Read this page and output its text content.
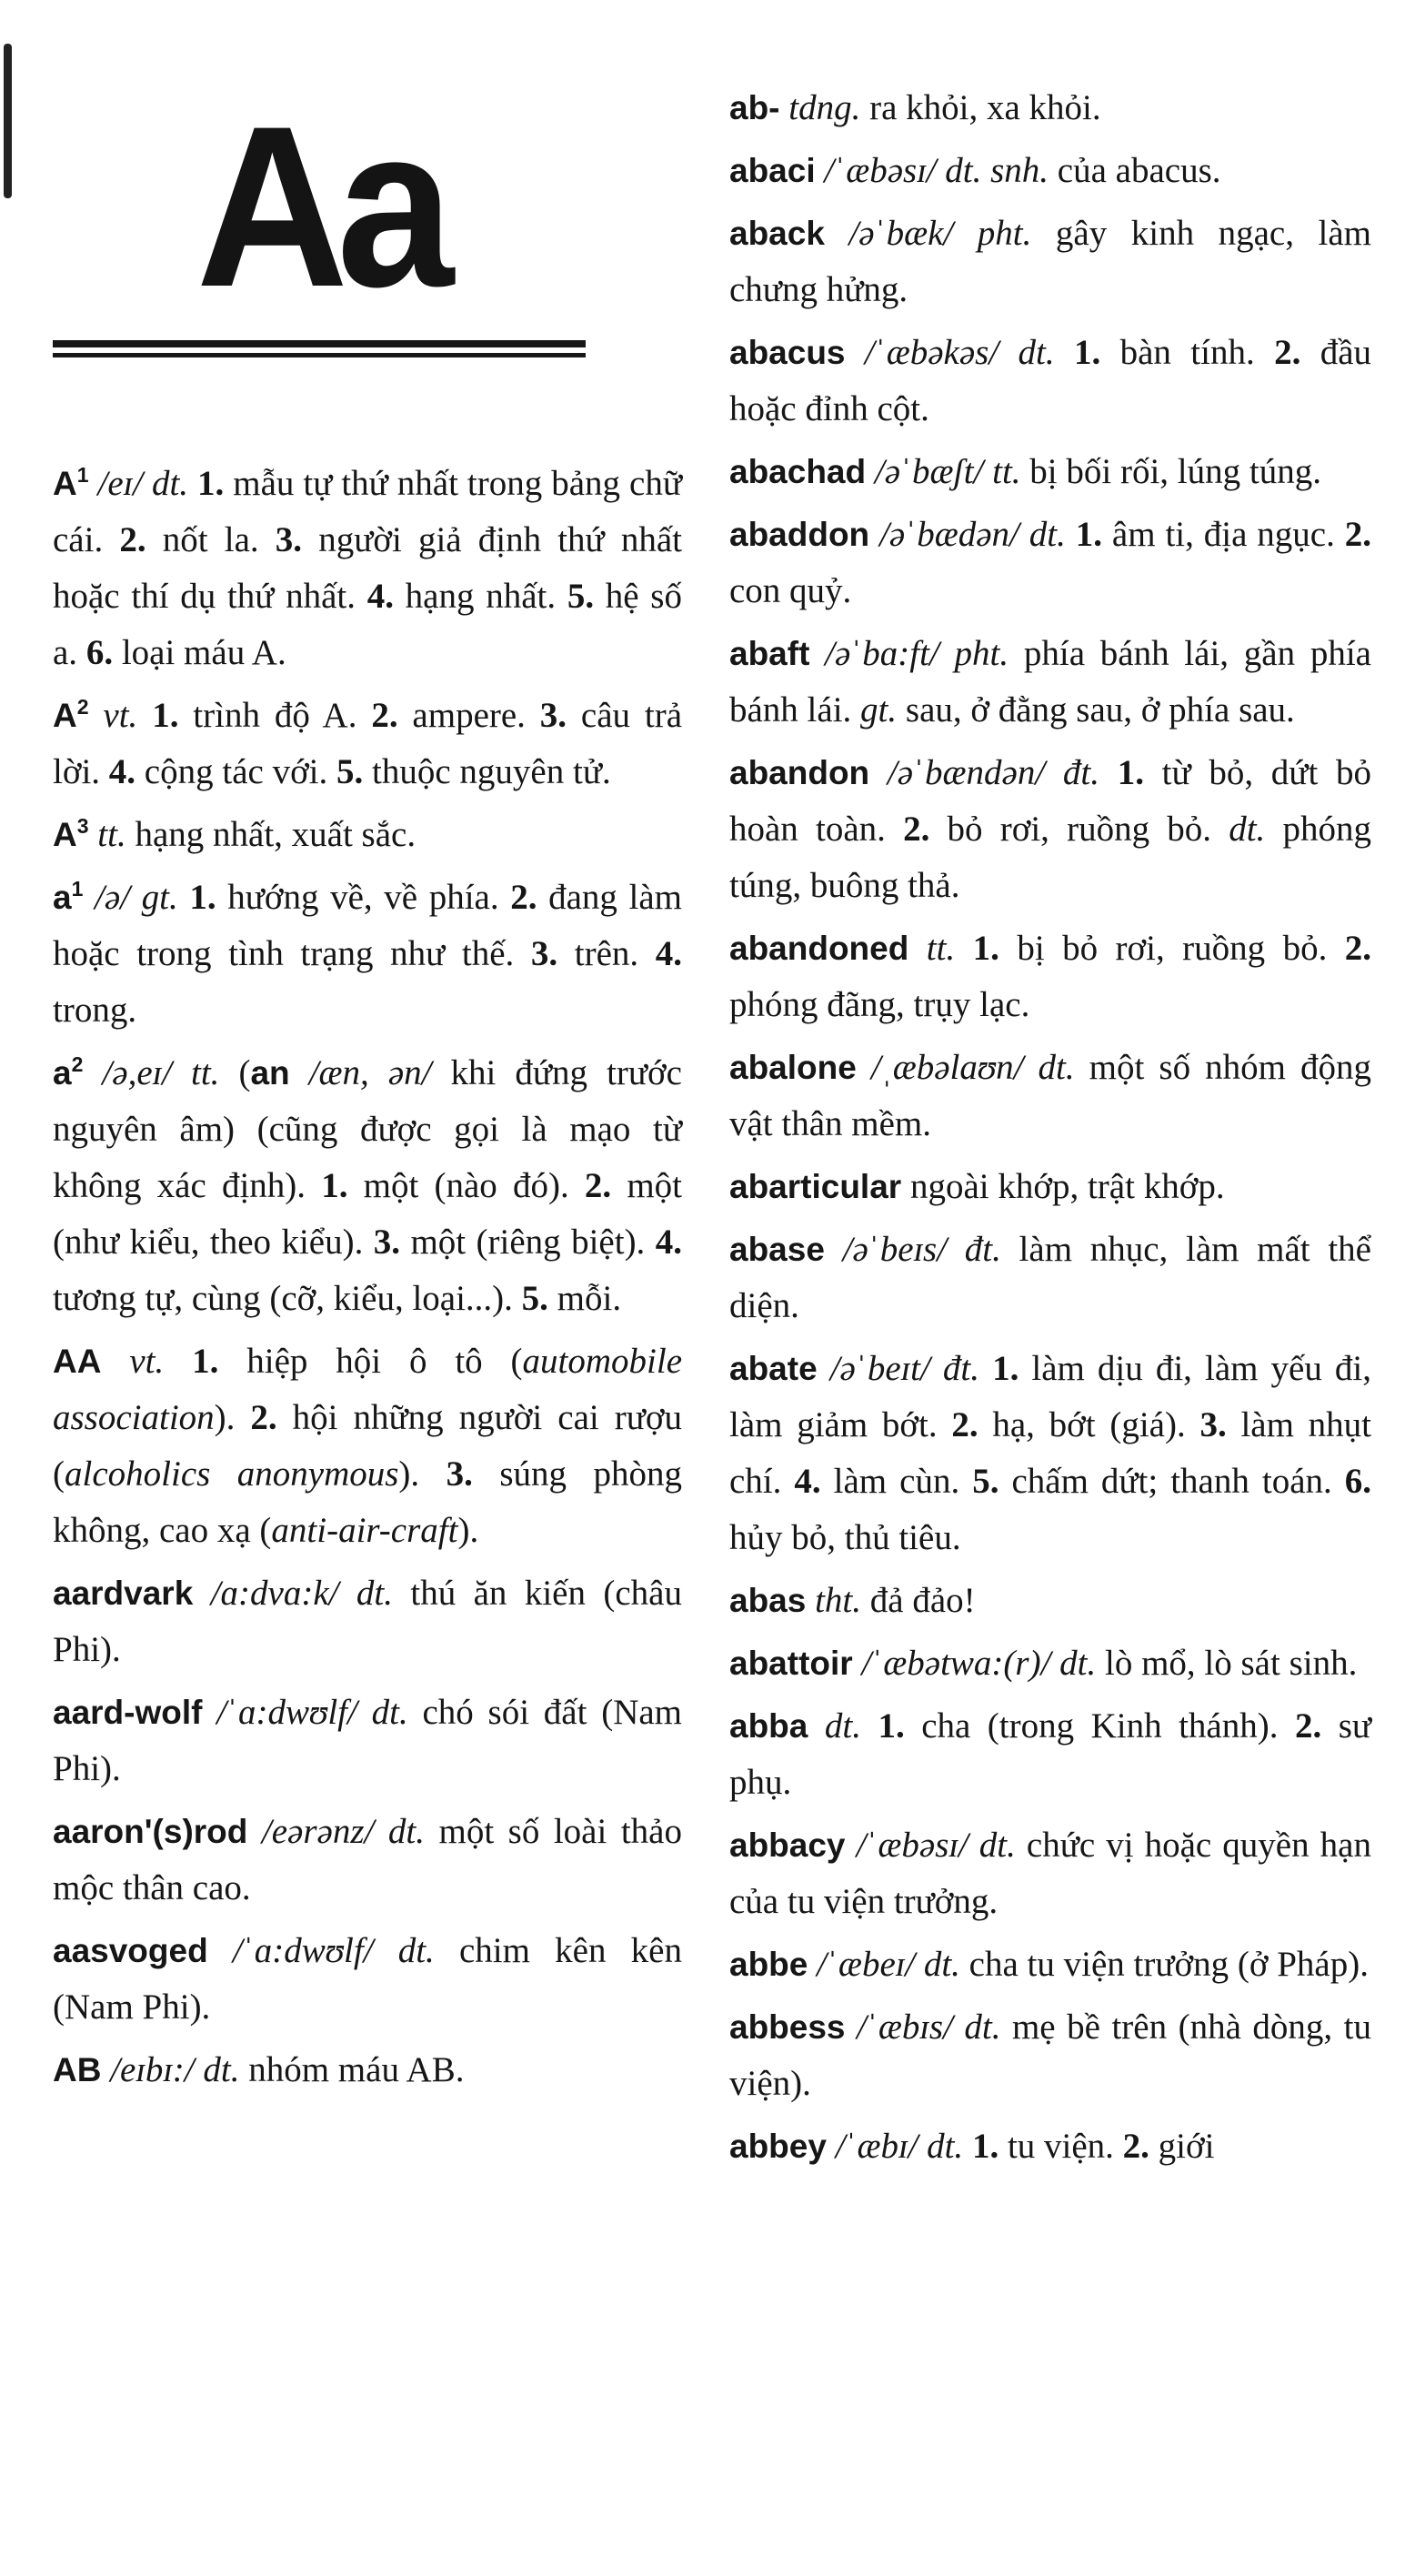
Aa

$A^1$ /eɪ/ dt. 1. mẫu tự thứ nhất trong bảng chữ cái. 2. nốt la. 3. người giả định thứ nhất hoặc thí dụ thứ nhất. 4. hạng nhất. 5. hệ số a. 6. loại máu A.

$A^2$ vt. 1. trình độ A. 2. ampere. 3. câu trả lời. 4. cộng tác với. 5. thuộc nguyên tử.

$A^3$ tt. hạng nhất, xuất sắc.

$a^1$ /ə/ gt. 1. hướng về, về phía. 2. đang làm hoặc trong tình trạng như thế. 3. trên. 4. trong.

$a^2$ /ə,eɪ/ tt. (an /æn, ən/ khi đứng trước nguyên âm) (cũng được gọi là mạo từ không xác định). 1. một (nào đó). 2. một (như kiểu, theo kiểu). 3. một (riêng biệt). 4. tương tự, cùng (cỡ, kiểu, loại...). 5. mỗi.

AA vt. 1. hiệp hội ô tô (automobile association). 2. hội những người cai rượu (alcoholics anonymous). 3. súng phòng không, cao xạ (anti-air-craft).

aardvark /ɑ:dvɑ:k/ dt. thú ăn kiến (châu Phi).

aard-wolf /ˈɑ:dwʊlf/ dt. chó sói đất (Nam Phi).

aaron'(s)rod /eərənz/ dt. một số loài thảo mộc thân cao.

aasvoged /ˈɑ:dwʊlf/ dt. chim kên kên (Nam Phi).

AB /eɪbɪ:/ dt. nhóm máu AB.

ab- tdng. ra khỏi, xa khỏi.

abaci /ˈæbəsɪ/ dt. snh. của abacus.

aback /əˈbæk/ pht. gây kinh ngạc, làm chưng hửng.

abacus /ˈæbəkəs/ dt. 1. bàn tính. 2. đầu hoặc đỉnh cột.

abachad /əˈbæʃt/ tt. bị bối rối, lúng túng.

abaddon /əˈbædən/ dt. 1. âm ti, địa ngục. 2. con quỷ.

abaft /əˈbɑ:ft/ pht. phía bánh lái, gần phía bánh lái. gt. sau, ở đằng sau, ở phía sau.

abandon /əˈbændən/ đt. 1. từ bỏ, dứt bỏ hoàn toàn. 2. bỏ rơi, ruồng bỏ. dt. phóng túng, buông thả.

abandoned tt. 1. bị bỏ rơi, ruồng bỏ. 2. phóng đãng, trụy lạc.

abalone /ˌæbəlaʊn/ dt. một số nhóm động vật thân mềm.

abarticular ngoài khớp, trật khớp.

abase /əˈbeɪs/ đt. làm nhục, làm mất thể diện.

abate /əˈbeɪt/ đt. 1. làm dịu đi, làm yếu đi, làm giảm bớt. 2. hạ, bớt (giá). 3. làm nhụt chí. 4. làm cùn. 5. chấm dứt; thanh toán. 6. hủy bỏ, thủ tiêu.

abas tht. đả đảo!

abattoir /ˈæbətwa:(r)/ dt. lò mổ, lò sát sinh.

abba dt. 1. cha (trong Kinh thánh). 2. sư phụ.

abbacy /ˈæbəsɪ/ dt. chức vị hoặc quyền hạn của tu viện trưởng.

abbe /ˈæbeɪ/ dt. cha tu viện trưởng (ở Pháp).

abbess /ˈæbɪs/ dt. mẹ bề trên (nhà dòng, tu viện).

abbey /ˈæbɪ/ dt. 1. tu viện. 2. giới
